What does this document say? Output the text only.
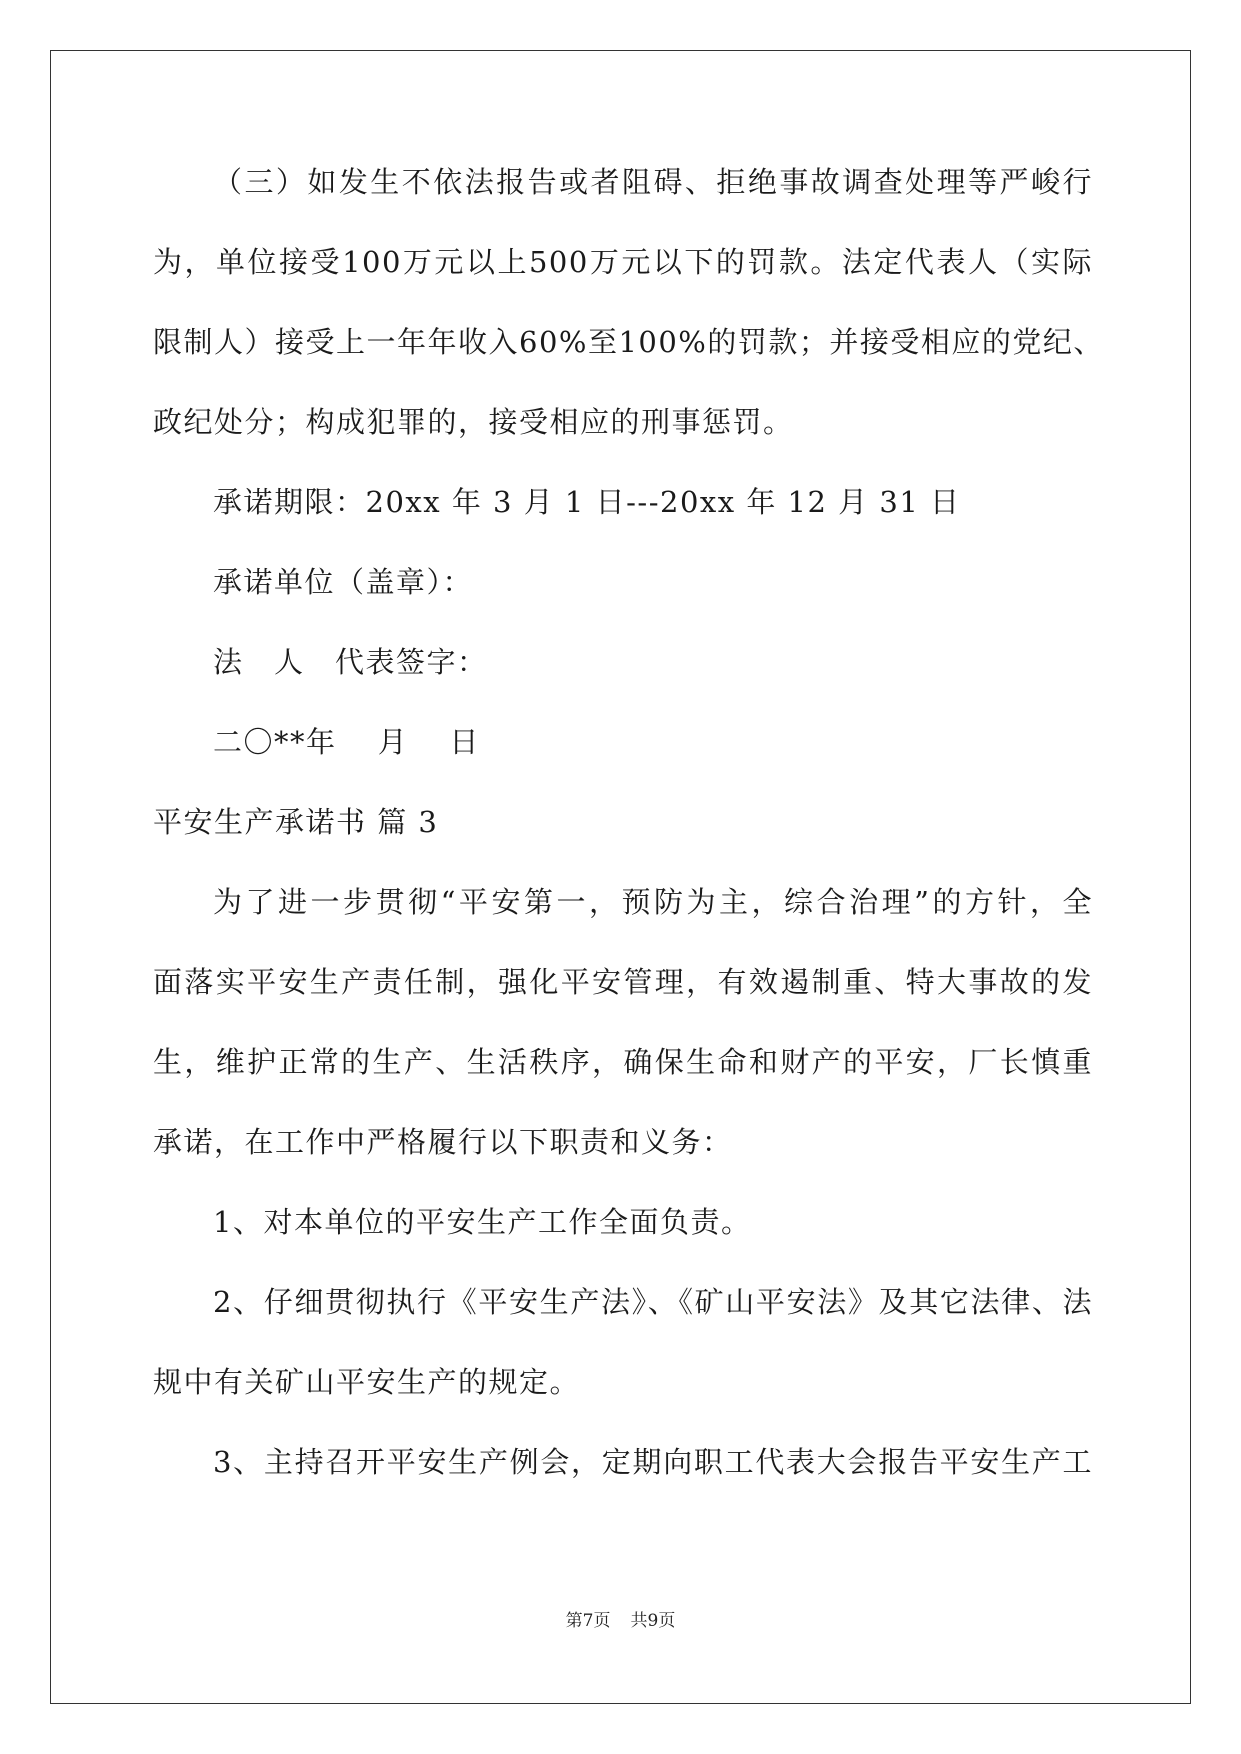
（三）如发生不依法报告或者阻碍、拒绝事故调查处理等严峻行
为，单位接受100万元以上500万元以下的罚款。法定代表人（实际
限制人）接受上一年年收入60%至100%的罚款；并接受相应的党纪、
政纪处分；构成犯罪的，接受相应的刑事惩罚。
承诺期限：20xx 年 3 月 1 日---20xx 年 12 月 31 日
承诺单位（盖章）：
法　人　代表签字：
二〇**年　 月　 日
平安生产承诺书 篇 3
为了进一步贯彻“平安第一，预防为主，综合治理”的方针，全
面落实平安生产责任制，强化平安管理，有效遏制重、特大事故的发
生，维护正常的生产、生活秩序，确保生命和财产的平安，厂长慎重
承诺，在工作中严格履行以下职责和义务：
1、对本单位的平安生产工作全面负责。
2、仔细贯彻执行《平安生产法》、《矿山平安法》及其它法律、法
规中有关矿山平安生产的规定。
3、主持召开平安生产例会，定期向职工代表大会报告平安生产工
第7页 共9页
